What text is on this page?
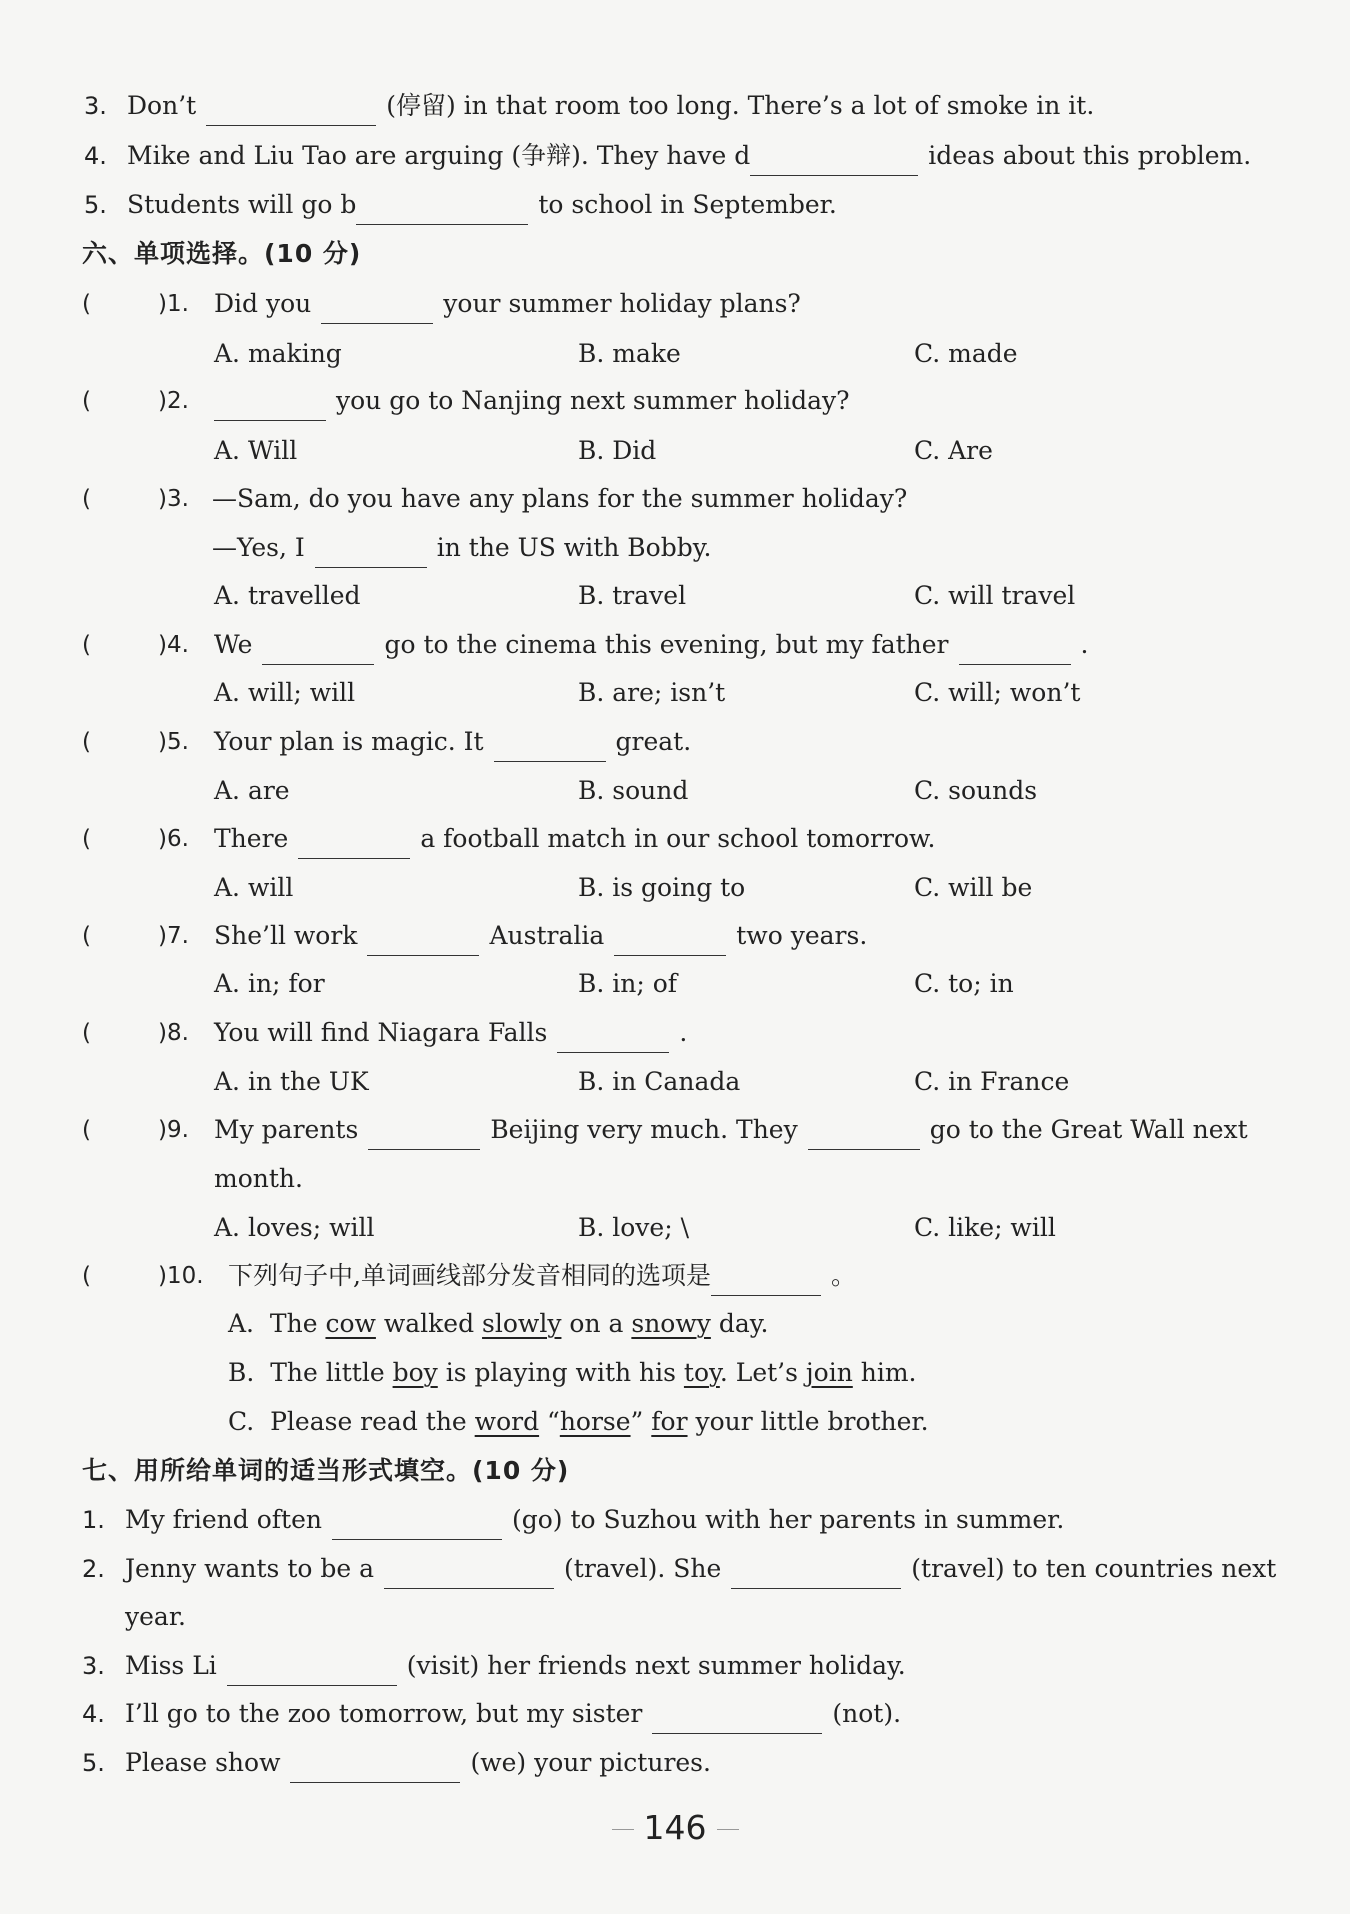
3. Don’t	(停留) in that room too long. There’s a lot of smoke in it.
4. Mike and Liu Tao are arguing (争辩). They have d	ideas about this problem.
5. Students will go b	to school in September.
六、单项选择。(10 分)
(	)1. Did you	your summer holiday plans?
A. making	B. make	C. made
(	)2.	you go to Nanjing next summer holiday?
A. Will	B. Did	C. Are
(	)3. —Sam, do you have any plans for the summer holiday?
—Yes, I	in the US with Bobby.
A. travelled	B. travel	C. will travel
(	)4. We	go to the cinema this evening, but my father	.
A. will; will	B. are; isn’t	C. will; won’t
(	)5. Your plan is magic. It	great.
A. are	B. sound	C. sounds
(	)6. There	a football match in our school tomorrow.
A. will	B. is going to	C. will be
(	)7. She’ll work	Australia	two years.
A. in; for	B. in; of	C. to; in
(	)8. You will find Niagara Falls	.
A. in the UK	B. in Canada	C. in France
(	)9. My parents	Beijing very much. They	go to the Great Wall next
month.
A. loves; will	B. love; \	C. like; will
(	)10. 下列句子中,单词画线部分发音相同的选项是	。
A. The cow walked slowly on a snowy day.
B. The little boy is playing with his toy. Let’s join him.
C. Please read the word “horse” for your little brother.
七、用所给单词的适当形式填空。(10 分)
1. My friend often	(go) to Suzhou with her parents in summer.
2. Jenny wants to be a	(travel). She	(travel) to ten countries next
year.
3. Miss Li	(visit) her friends next summer holiday.
4. I’ll go to the zoo tomorrow, but my sister	(not).
5. Please show	(we) your pictures.
146
